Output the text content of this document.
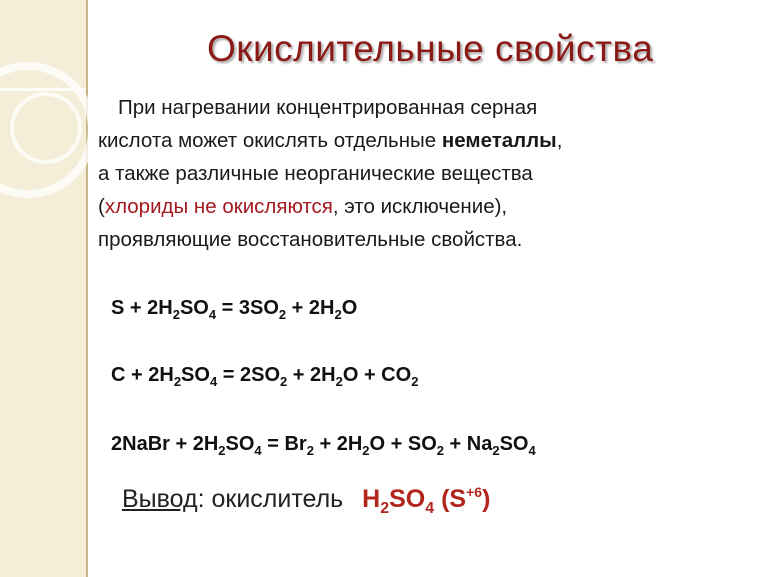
Окислительные свойства
При нагревании концентрированная серная
кислота может окислять отдельные неметаллы,
а также различные неорганические вещества
(хлориды не окисляются, это исключение),
проявляющие восстановительные свойства.
$S + 2H_2SO_4 = 3SO_2 + 2H_2O$
$C + 2H_2SO_4 = 2SO_2 + 2H_2O + CO_2$
2NaBr + $2H_2SO_4 = Br_2 + 2H_2O + SO_2 + Na_2SO_4$
Вывод: окислитель $H_2SO_4$ $(S^{+6})$
